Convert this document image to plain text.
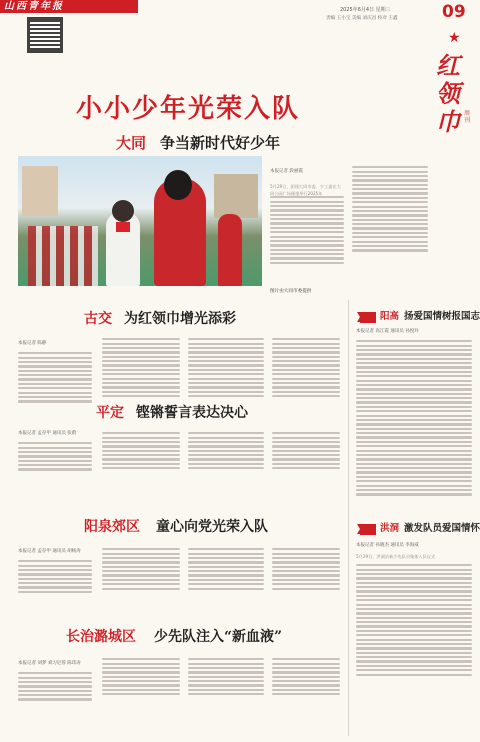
山西青年报	2025年6月4日 星期三
责编 王小宝 美编 刘庆昌 校对 王鑫	09
★
红
领
巾 周刊
小小少年光荣入队
大同 争当新时代好少年
本报记者 段丽霞
5月29日，团建大同市委、少工委在大同公园广场隆重举行2025年
图片由大同市委提供
古交 为红领巾增光添彩
本报记者 陈静
阳高 扬爱国情树报国志
本报记者 高江霞 通讯员 孙悦玲
平定 铿锵誓言表达决心
本报记者 孟存甲 通讯员 张蔚
阳泉郊区 童心向党光荣入队
本报记者 孟存甲 通讯员 胡杨涛
洪洞 激发队员爱国情怀
本报记者 孙晓杰 通讯员 李海威
5月29日，洪洞县新少先队员集体入队仪式
长治潞城区 少先队注入“新血液”
本报记者 刘梦 刘习尼蓉 陈玮涛
